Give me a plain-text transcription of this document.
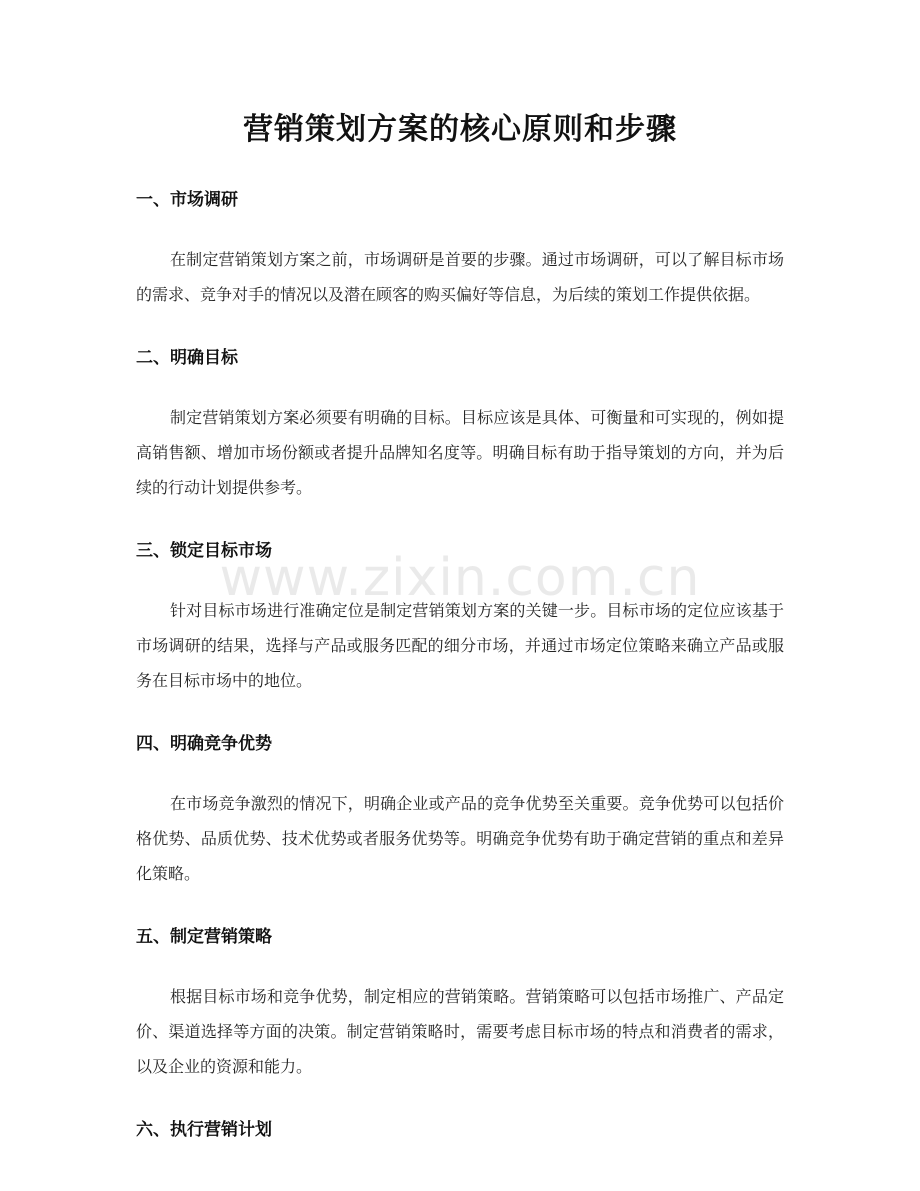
营销策划方案的核心原则和步骤
一、市场调研

在制定营销策划方案之前，市场调研是首要的步骤。通过市场调研，可以了解目标市场的需求、竞争对手的情况以及潜在顾客的购买偏好等信息，为后续的策划工作提供依据。

二、明确目标

制定营销策划方案必须要有明确的目标。目标应该是具体、可衡量和可实现的，例如提高销售额、增加市场份额或者提升品牌知名度等。明确目标有助于指导策划的方向，并为后续的行动计划提供参考。

三、锁定目标市场

针对目标市场进行准确定位是制定营销策划方案的关键一步。目标市场的定位应该基于市场调研的结果，选择与产品或服务匹配的细分市场，并通过市场定位策略来确立产品或服务在目标市场中的地位。

四、明确竞争优势

在市场竞争激烈的情况下，明确企业或产品的竞争优势至关重要。竞争优势可以包括价格优势、品质优势、技术优势或者服务优势等。明确竞争优势有助于确定营销的重点和差异化策略。

五、制定营销策略

根据目标市场和竞争优势，制定相应的营销策略。营销策略可以包括市场推广、产品定价、渠道选择等方面的决策。制定营销策略时，需要考虑目标市场的特点和消费者的需求，以及企业的资源和能力。

六、执行营销计划
www.zixin.com.cn
